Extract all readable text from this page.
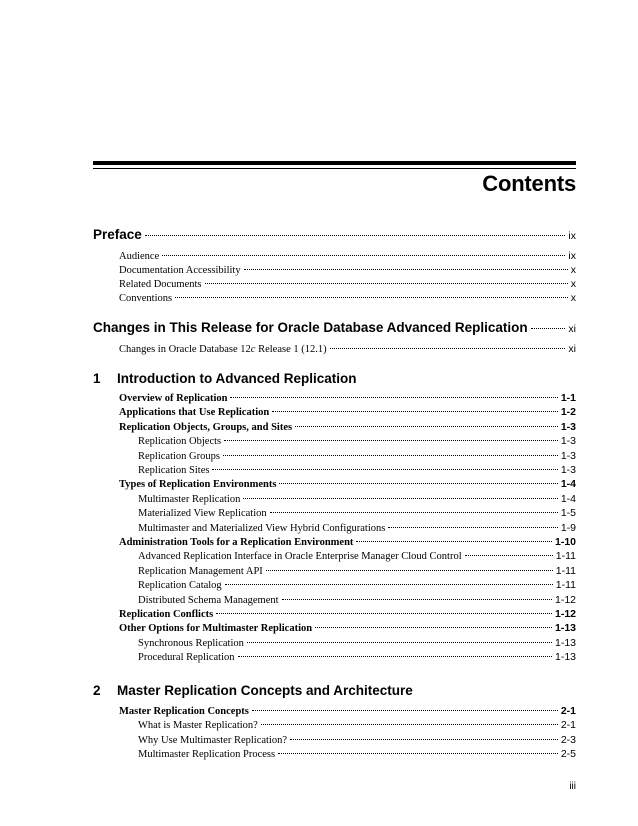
Contents
Preface	ix
Audience	ix
Documentation Accessibility	x
Related Documents	x
Conventions	x
Changes in This Release for Oracle Database Advanced Replication	xi
Changes in Oracle Database 12c Release 1 (12.1)	xi
1 Introduction to Advanced Replication
Overview of Replication	1-1
Applications that Use Replication	1-2
Replication Objects, Groups, and Sites	1-3
Replication Objects	1-3
Replication Groups	1-3
Replication Sites	1-3
Types of Replication Environments	1-4
Multimaster Replication	1-4
Materialized View Replication	1-5
Multimaster and Materialized View Hybrid Configurations	1-9
Administration Tools for a Replication Environment	1-10
Advanced Replication Interface in Oracle Enterprise Manager Cloud Control	1-11
Replication Management API	1-11
Replication Catalog	1-11
Distributed Schema Management	1-12
Replication Conflicts	1-12
Other Options for Multimaster Replication	1-13
Synchronous Replication	1-13
Procedural Replication	1-13
2 Master Replication Concepts and Architecture
Master Replication Concepts	2-1
What is Master Replication?	2-1
Why Use Multimaster Replication?	2-3
Multimaster Replication Process	2-5
iii
